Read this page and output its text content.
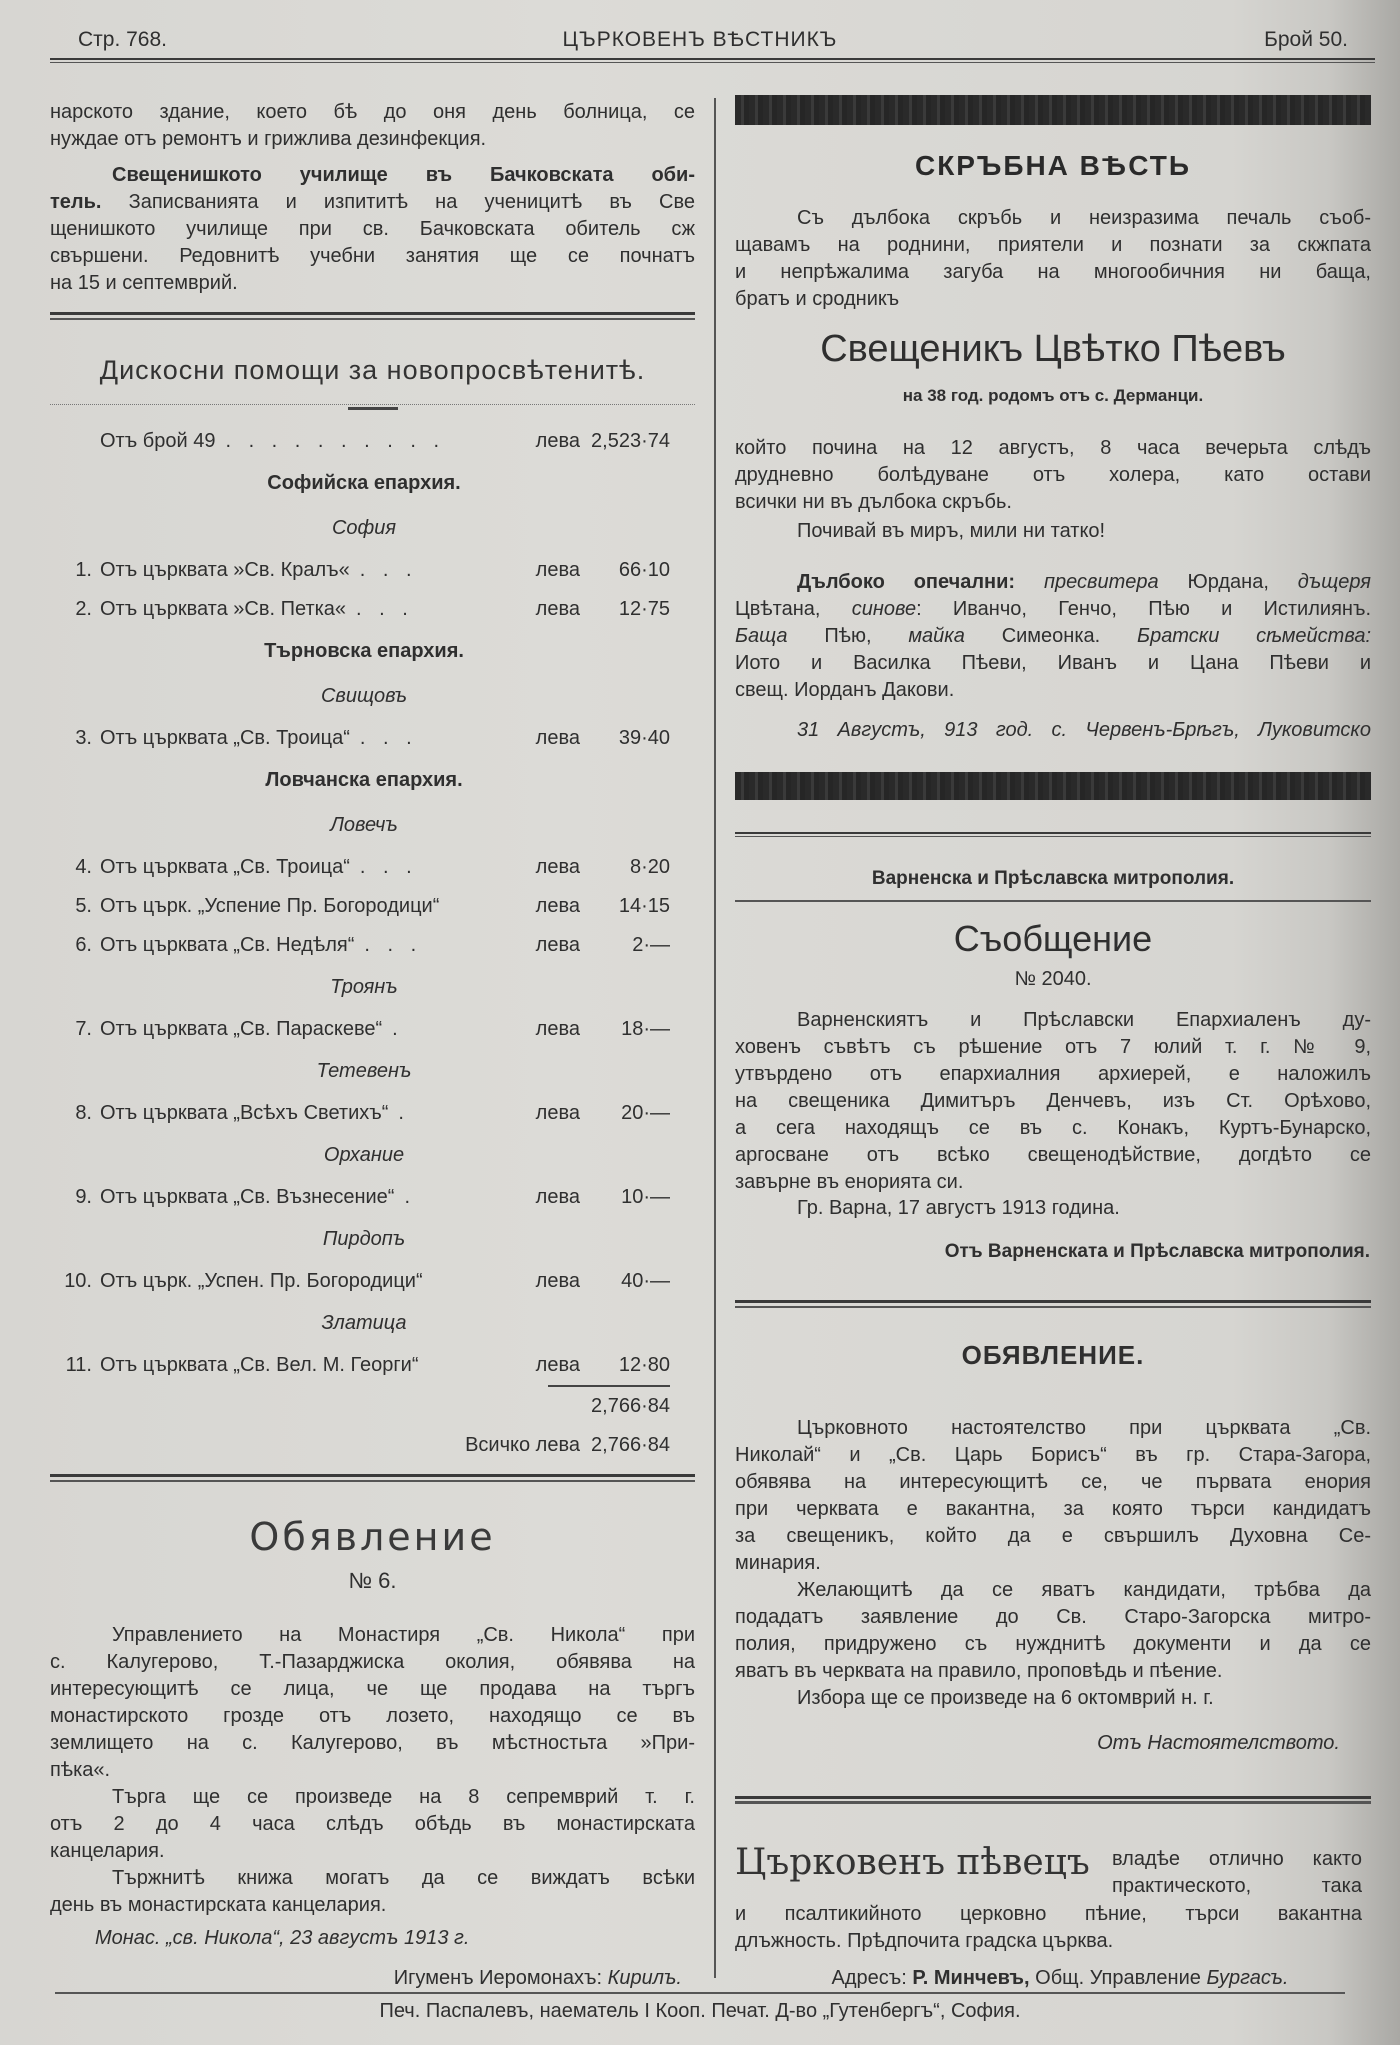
Стр. 768.	ЦЪРКОВЕНЪ ВѢСТНИКЪ	Брой 50.
нарското здание, което бѣ до оня день болница, се
нуждае отъ ремонтъ и грижлива дезинфекция.
Свещенишкото училище въ Бачковската оби-
тель. Записванията и изпититѣ на ученицитѣ въ Све
щенишкото училище при св. Бачковската обитель сж
свършени. Редовнитѣ учебни занятия ще се почнатъ
на 15 и септемврий.
Дискосни помощи за новопросвѣтенитѣ.
Отъ брой 49 . . . . . . . . . .	лева 2,523·74
Софийска епархия.
София
1. Отъ църквата »Св. Кралъ« . . .	лева	66·10
2. Отъ църквата »Св. Петка« . . .	лева	12·75
Търновска епархия.
Свищовъ
3. Отъ църквата „Св. Троица“ . . .	лева	39·40
Ловчанска епархия.
Ловечъ
4. Отъ църквата „Св. Троица“ . . .	лева	8·20
5. Отъ църк. „Успение Пр. Богородици“	лева	14·15
6. Отъ църквата „Св. Недѣля“ . . .	лева	2·—
Троянъ
7. Отъ църквата „Св. Параскеве“ .	лева	18·—
Тетевенъ
8. Отъ църквата „Всѣхъ Светихъ“ .	лева	20·—
Орхание
9. Отъ църквата „Св. Възнесение“ .	лева	10·—
Пирдопъ
10. Отъ църк. „Успен. Пр. Богородици“	лева	40·—
Златица
11. Отъ църквата „Св. Вел. М. Георги“	лева	12·80
2,766·84
Всичко лева 2,766·84
Обявление
№ 6.
Управлението на Монастиря „Св. Никола“ при
с. Калугерово, Т.-Пазарджиска околия, обявява на
интересующитѣ се лица, че ще продава на търгъ
монастирското грозде отъ лозето, находящо се въ
землището на с. Калугерово, въ мѣстностьта »При-
пѣка«.
Търга ще се произведе на 8 сепремврий т. г.
отъ 2 до 4 часа слѣдъ обѣдь въ монастирската
канцелария.
Тържнитѣ книжа могатъ да се виждатъ всѣки
день въ монастирската канцелария.
Монас. „св. Никола“, 23 августъ 1913 г.
Игуменъ Иеромонахъ: Кирилъ.
СКРЪБНА ВѢСТЬ
Съ дълбока скръбь и неизразима печаль съоб-
щавамъ на роднини, приятели и познати за скжпата
и непрѣжалима загуба на многообичния ни баща,
братъ и сродникъ
Свещеникъ Цвѣтко Пѣевъ
на 38 год. родомъ отъ с. Дерманци.
който почина на 12 августъ, 8 часа вечерьта слѣдъ
друдневно болѣдуване отъ холера, като остави
всички ни въ дълбока скръбь.
Почивай въ миръ, мили ни татко!
Дълбоко опечални: пресвитера Юрдана, дъщеря
Цвѣтана, синове: Иванчо, Генчо, Пѣю и Истилиянъ.
Баща Пѣю, майка Симеонка. Братски сѣмейства:
Иото и Василка Пѣеви, Иванъ и Цана Пѣеви и
свещ. Иорданъ Дакови.
31 Августъ, 913 год. с. Червенъ-Брѣгъ, Луковитско
Варненска и Прѣславска митрополия.
Съобщение
№ 2040.
Варненскиятъ и Прѣславски Епархиаленъ ду-
ховенъ съвѣтъ съ рѣшение отъ 7 юлий т. г. № 9,
утвърдено отъ епархиалния архиерей, е наложилъ
на свещеника Димитъръ Денчевъ, изъ Ст. Орѣхово,
а сега находящъ се въ с. Конакъ, Куртъ-Бунарско,
аргосване отъ всѣко свещенодѣйствие, догдѣто се
завърне въ енорията си.
Гр. Варна, 17 августъ 1913 година.
Отъ Варненската и Прѣславска митрополия.
ОБЯВЛЕНИЕ.
Църковното настоятелство при църквата „Св.
Николай“ и „Св. Царь Борисъ“ въ гр. Стара-Загора,
обявява на интересующитѣ се, че първата енория
при черквата е вакантна, за която търси кандидатъ
за свещеникъ, който да е свършилъ Духовна Се-
минария.
Желающитѣ да се яватъ кандидати, трѣбва да
подадатъ заявление до Св. Старо-Загорска митро-
полия, придружено съ нужднитѣ документи и да се
яватъ въ черквата на правило, проповѣдь и пѣение.
Избора ще се произведе на 6 октомврий н. г.
Отъ Настоятелството.
Църковенъ пѣвецъ владѣе отлично както
практическото, така
и псалтикийното церковно пѣние, търси вакантна
длъжность. Прѣдпочита градска църква.
Адресъ: Р. Минчевъ, Общ. Управление Бургасъ.
Печ. Паспалевъ, наематель I Кооп. Печат. Д-во „Гутенбергъ“, София.
